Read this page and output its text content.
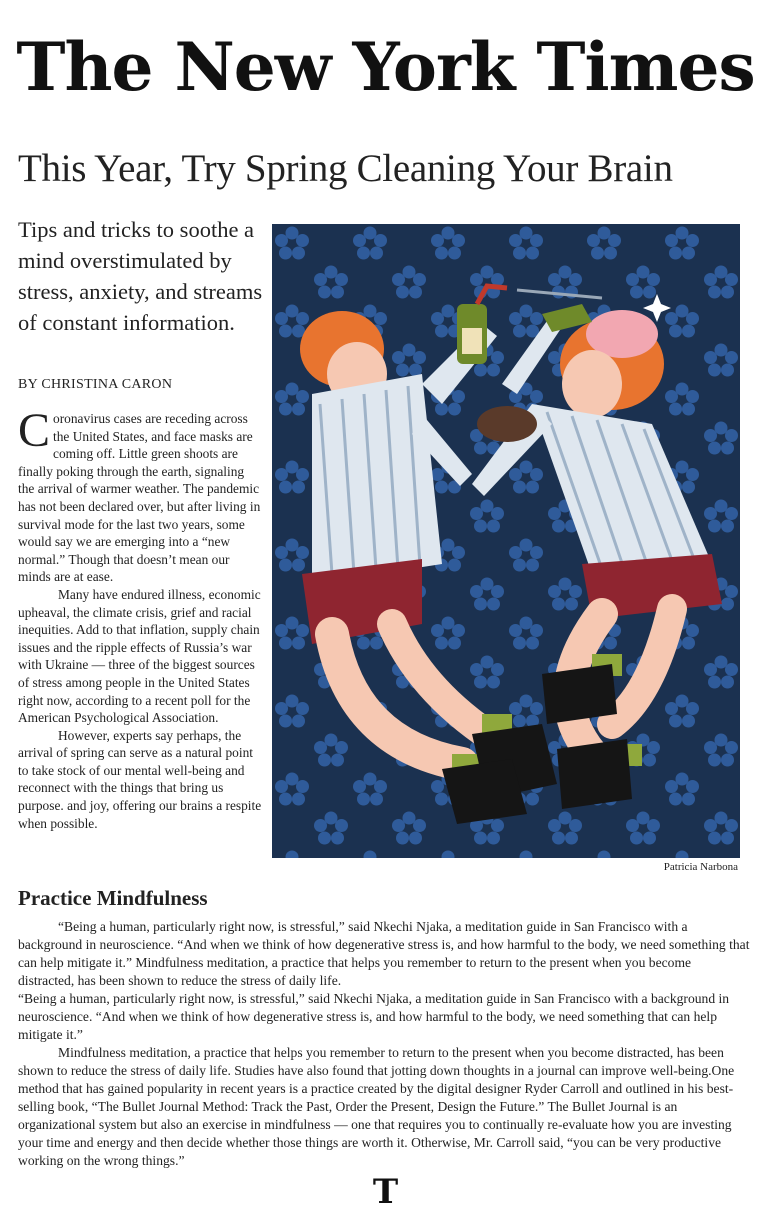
The New York Times
This Year, Try Spring Cleaning Your Brain
Tips and tricks to soothe a mind overstimulated by stress, anxiety, and streams of constant information.
BY CHRISTINA CARON

Coronavirus cases are receding across the United States, and face masks are coming off. Little green shoots are finally poking through the earth, signaling the arrival of warmer weather. The pandemic has not been declared over, but after living in survival mode for the last two years, some would say we are emerging into a “new normal.” Though that doesn’t mean our minds are at ease.

Many have endured illness, economic upheaval, the climate crisis, grief and racial inequities. Add to that inflation, supply chain issues and the ripple effects of Russia’s war with Ukraine — three of the biggest sources of stress among people in the United States right now, according to a recent poll for the American Psychological Association.

However, experts say perhaps, the arrival of spring can serve as a natural point to take stock of our mental well-being and reconnect with the things that bring us purpose. and joy, offering our brains a respite when possible.

Patricia Narbona
Practice Mindfulness

“Being a human, particularly right now, is stressful,” said Nkechi Njaka, a meditation guide in San Francisco with a background in neuroscience. “And when we think of how degenerative stress is, and how harmful to the body, we need something that can help mitigate it.” Mindfulness meditation, a practice that helps you remember to return to the present when you become distracted, has been shown to reduce the stress of daily life.

“Being a human, particularly right now, is stressful,” said Nkechi Njaka, a meditation guide in San Francisco with a background in neuroscience. “And when we think of how degenerative stress is, and how harmful to the body, we need something that can help mitigate it.”

Mindfulness meditation, a practice that helps you remember to return to the present when you become distracted, has been shown to reduce the stress of daily life. Studies have also found that jotting down thoughts in a journal can improve well-being.One method that has gained popularity in recent years is a practice created by the digital designer Ryder Carroll and outlined in his best-selling book, “The Bullet Journal Method: Track the Past, Order the Present, Design the Future.” The Bullet Journal is an organizational system but also an exercise in mindfulness — one that requires you to continually re-evaluate how you are investing your time and energy and then decide whether those things are worth it. Otherwise, Mr. Carroll said, “you can be very productive working on the wrong things.”

T
